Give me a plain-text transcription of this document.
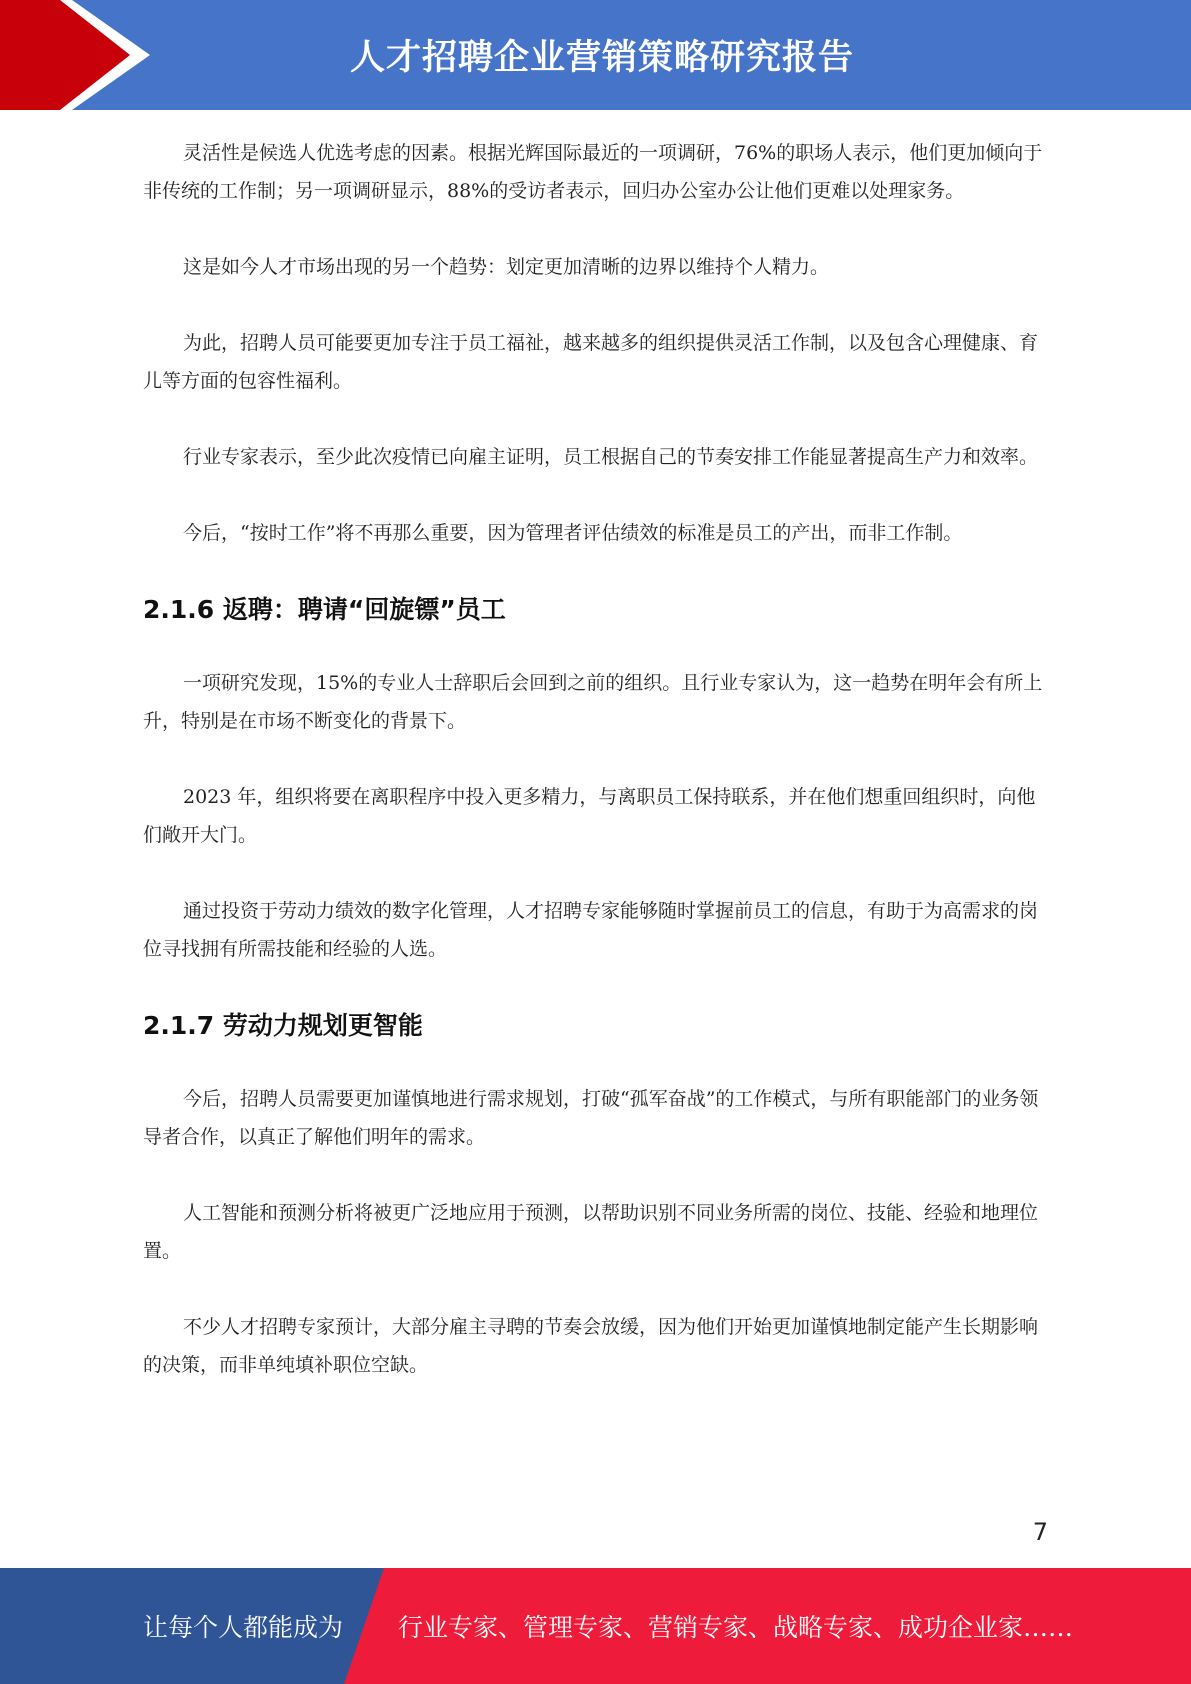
人才招聘企业营销策略研究报告

灵活性是候选人优选考虑的因素。根据光辉国际最近的一项调研，76%的职场人表示，他们更加倾向于非传统的工作制；另一项调研显示，88%的受访者表示，回归办公室办公让他们更难以处理家务。

这是如今人才市场出现的另一个趋势：划定更加清晰的边界以维持个人精力。

为此，招聘人员可能要更加专注于员工福祉，越来越多的组织提供灵活工作制，以及包含心理健康、育儿等方面的包容性福利。

行业专家表示，至少此次疫情已向雇主证明，员工根据自己的节奏安排工作能显著提高生产力和效率。

今后，“按时工作”将不再那么重要，因为管理者评估绩效的标准是员工的产出，而非工作制。

2.1.6 返聘：聘请“回旋镖”员工

一项研究发现，15%的专业人士辞职后会回到之前的组织。且行业专家认为，这一趋势在明年会有所上升，特别是在市场不断变化的背景下。

2023 年，组织将要在离职程序中投入更多精力，与离职员工保持联系，并在他们想重回组织时，向他们敞开大门。

通过投资于劳动力绩效的数字化管理，人才招聘专家能够随时掌握前员工的信息，有助于为高需求的岗位寻找拥有所需技能和经验的人选。

2.1.7 劳动力规划更智能

今后，招聘人员需要更加谨慎地进行需求规划，打破“孤军奋战”的工作模式，与所有职能部门的业务领导者合作，以真正了解他们明年的需求。

人工智能和预测分析将被更广泛地应用于预测，以帮助识别不同业务所需的岗位、技能、经验和地理位置。

不少人才招聘专家预计，大部分雇主寻聘的节奏会放缓，因为他们开始更加谨慎地制定能产生长期影响的决策，而非单纯填补职位空缺。

7
让每个人都能成为 行业专家、管理专家、营销专家、战略专家、成功企业家……
